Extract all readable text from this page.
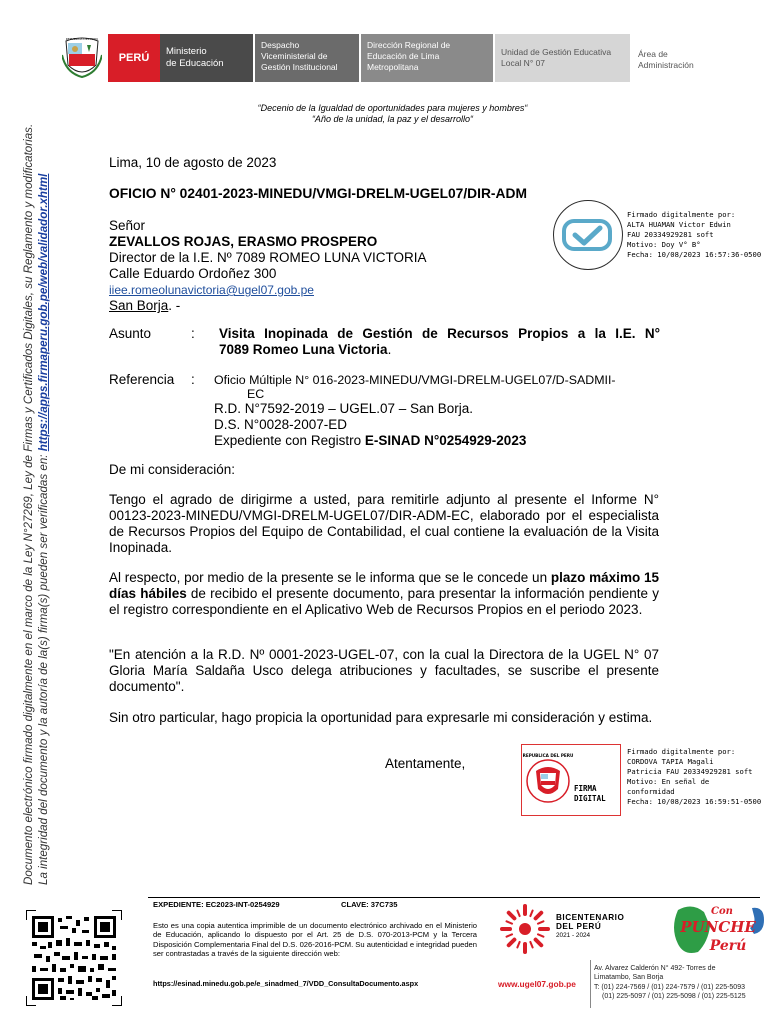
REPUBLICA DEL PERU
PERÚ Ministerio
de Educación
Despacho Viceministerial de Gestión Institucional
Dirección Regional de Educación de Lima Metropolitana
Unidad de Gestión Educativa Local N° 07
Área de Administración
“Decenio de la Igualdad de oportunidades para mujeres y hombres“
“Año de la unidad, la paz y el desarrollo“
Documento electrónico firmado digitalmente en el marco de la Ley N°27269, Ley de Firmas y Certificados Digitales, su Reglamento y modificatorias. La integridad del documento y la autoría de la(s) firma(s) pueden ser verificadas en: https://apps.firmaperu.gob.pe/web/validador.xhtml
Lima, 10 de agosto de 2023
OFICIO N° 02401-2023-MINEDU/VMGI-DRELM-UGEL07/DIR-ADM
Señor
ZEVALLOS ROJAS, ERASMO PROSPERO
Director de la I.E. Nº 7089 ROMEO LUNA VICTORIA
Calle Eduardo Ordoñez 300
iiee.romeolunavictoria@ugel07.gob.pe
San Borja. -
Firmado digitalmente por:
ALTA HUAMAN Victor Edwin
FAU 20334929281 soft
Motivo: Doy V° B°
Fecha: 10/08/2023 16:57:36-0500
Asunto	: Visita Inopinada de Gestión de Recursos Propios a la I.E. N°
7089 Romeo Luna Victoria.
Referencia : Oficio Múltiple N° 016-2023-MINEDU/VMGI-DRELM-UGEL07/D-SADMII-
EC
R.D. N°7592-2019 – UGEL.07 – San Borja.
D.S. N°0028-2007-ED
Expediente con Registro E-SINAD N°0254929-2023
De mi consideración:
Tengo el agrado de dirigirme a usted, para remitirle adjunto al presente el Informe N° 00123-2023-MINEDU/VMGI-DRELM-UGEL07/DIR-ADM-EC, elaborado por el especialista de Recursos Propios del Equipo de Contabilidad, el cual contiene la evaluación de la Visita Inopinada.
Al respecto, por medio de la presente se le informa que se le concede un plazo máximo 15 días hábiles de recibido el presente documento, para presentar la información pendiente y el registro correspondiente en el Aplicativo Web de Recursos Propios en el periodo 2023.
"En atención a la R.D. Nº 0001-2023-UGEL-07, con la cual la Directora de la UGEL N° 07 Gloria María Saldaña Usco delega atribuciones y facultades, se suscribe el presente documento".
Sin otro particular, hago propicia la oportunidad para expresarle mi consideración y estima.
Atentamente,
REPUBLICA DEL PERU
FIRMA
DIGITAL
Firmado digitalmente por:
CORDOVA TAPIA Magali
Patricia FAU 20334929281 soft
Motivo: En señal de
conformidad
Fecha: 10/08/2023 16:59:51-0500
EXPEDIENTE: EC2023-INT-0254929	CLAVE: 37C735
Esto es una copia autentica imprimible de un documento electrónico archivado en el Ministerio de Educación, aplicando lo dispuesto por el Art. 25 de D.S. 070-2013-PCM y la Tercera Disposición Complementaria Final del D.S. 026-2016-PCM. Su autenticidad e integridad pueden ser contrastadas a través de la siguiente dirección web:
https://esinad.minedu.gob.pe/e_sinadmed_7/VDD_ConsultaDocumento.aspx
BICENTENARIO
DEL PERÚ
2021 - 2024
Con
PUNCHE
Perú
www.ugel07.gob.pe
Av. Alvarez Calderón N° 492- Torres de
Limatambo, San Borja
T: (01) 224-7569 / (01) 224-7579 / (01) 225-5093
(01) 225-5097 / (01) 225-5098 / (01) 225-5125
